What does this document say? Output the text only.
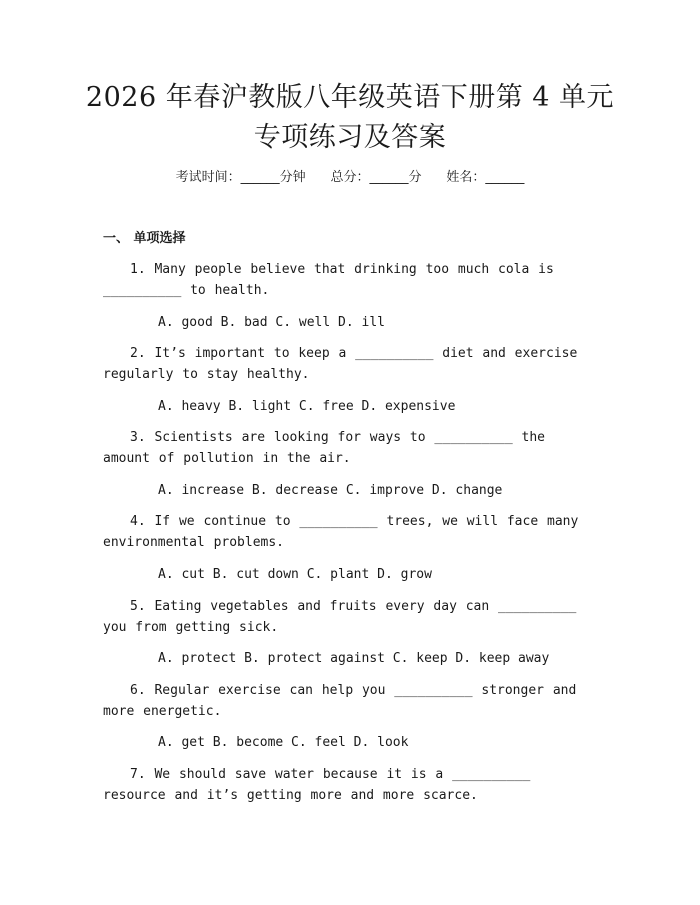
2026 年春沪教版八年级英语下册第 4 单元专项练习及答案
考试时间：______分钟 总分：______分 姓名：______
一、 单项选择

1. Many people believe that drinking too much cola is __________ to health.

A. good B. bad C. well D. ill

2. It’s important to keep a __________ diet and exercise regularly to stay healthy.

A. heavy B. light C. free D. expensive

3. Scientists are looking for ways to __________ the amount of pollution in the air.

A. increase B. decrease C. improve D. change

4. If we continue to __________ trees, we will face many environmental problems.

A. cut B. cut down C. plant D. grow

5. Eating vegetables and fruits every day can __________ you from getting sick.

A. protect B. protect against C. keep D. keep away

6. Regular exercise can help you __________ stronger and more energetic.

A. get B. become C. feel D. look

7. We should save water because it is a __________ resource and it’s getting more and more scarce.
